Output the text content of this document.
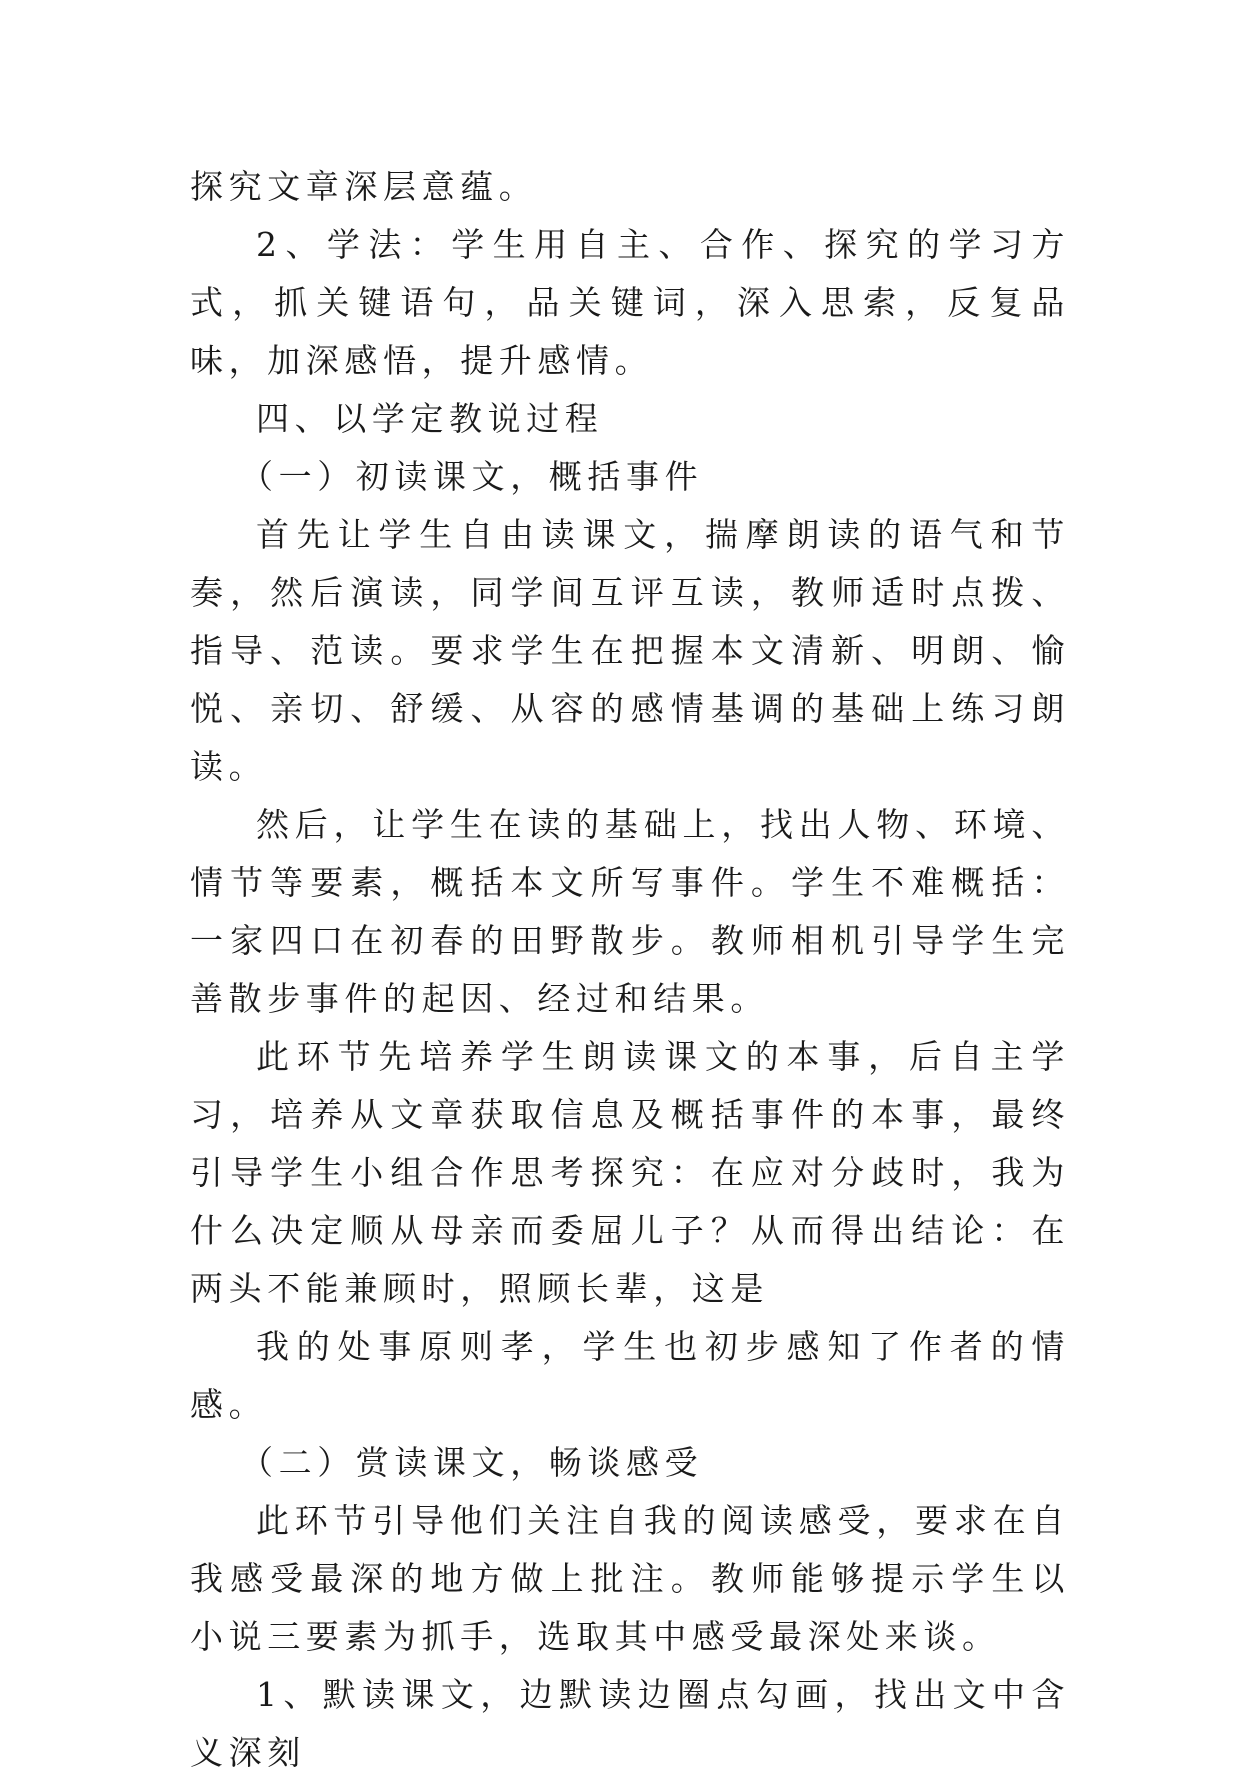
探究文章深层意蕴。

2、学法：学生用自主、合作、探究的学习方式，抓关键语句，品关键词，深入思索，反复品味，加深感悟，提升感情。

四、以学定教说过程

（一）初读课文，概括事件

首先让学生自由读课文，揣摩朗读的语气和节奏，然后演读，同学间互评互读，教师适时点拨、指导、范读。要求学生在把握本文清新、明朗、愉悦、亲切、舒缓、从容的感情基调的基础上练习朗读。

然后，让学生在读的基础上，找出人物、环境、情节等要素，概括本文所写事件。学生不难概括：一家四口在初春的田野散步。教师相机引导学生完善散步事件的起因、经过和结果。

此环节先培养学生朗读课文的本事，后自主学习，培养从文章获取信息及概括事件的本事，最终引导学生小组合作思考探究：在应对分歧时，我为什么决定顺从母亲而委屈儿子？从而得出结论：在两头不能兼顾时，照顾长辈，这是

我的处事原则孝，学生也初步感知了作者的情感。

（二）赏读课文，畅谈感受

此环节引导他们关注自我的阅读感受，要求在自我感受最深的地方做上批注。教师能够提示学生以小说三要素为抓手，选取其中感受最深处来谈。

1、默读课文，边默读边圈点勾画，找出文中含义深刻
